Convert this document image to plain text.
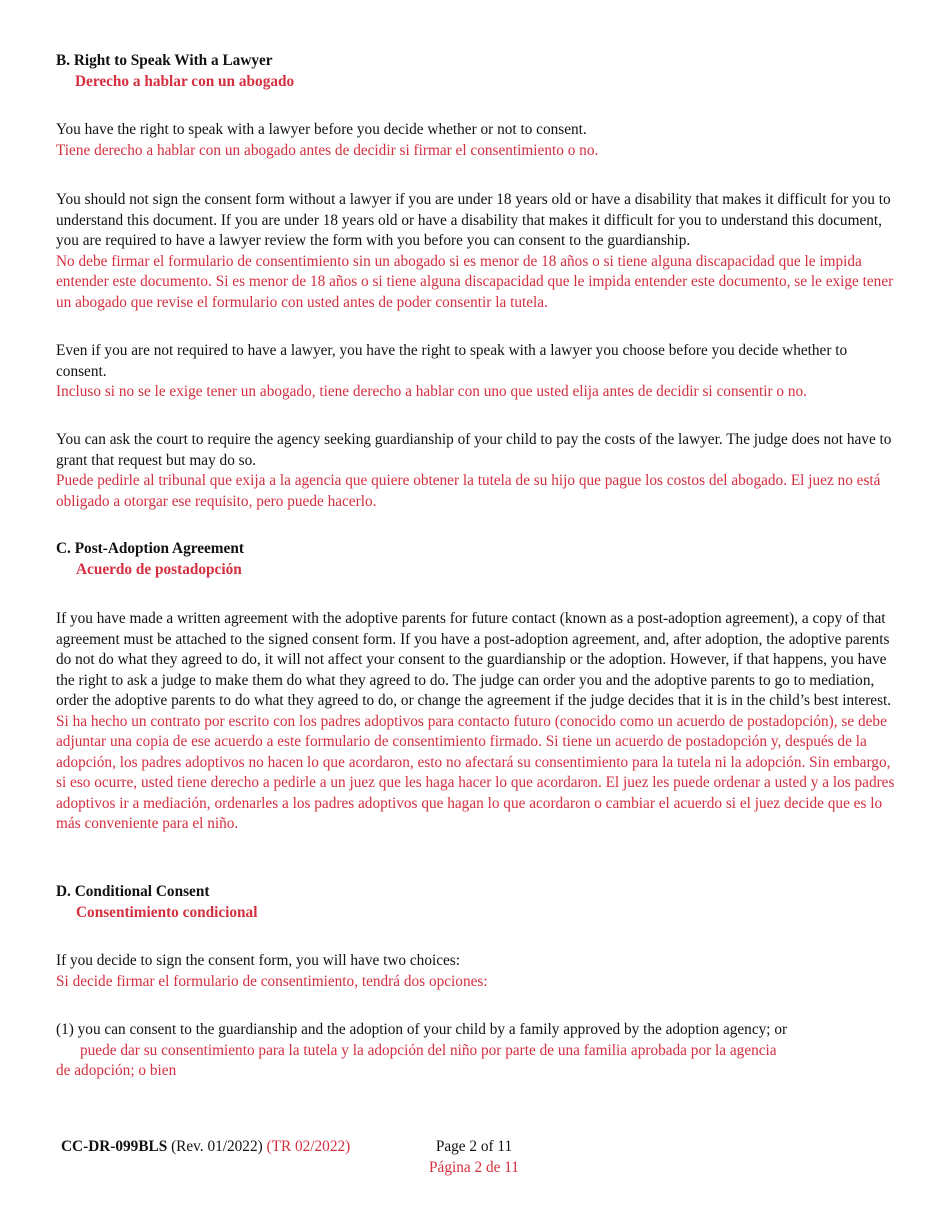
B. Right to Speak With a Lawyer

Derecho a hablar con un abogado

You have the right to speak with a lawyer before you decide whether or not to consent.

Tiene derecho a hablar con un abogado antes de decidir si firmar el consentimiento o no.

You should not sign the consent form without a lawyer if you are under 18 years old or have a disability that makes it difficult for you to understand this document. If you are under 18 years old or have a disability that makes it difficult for you to understand this document, you are required to have a lawyer review the form with you before you can consent to the guardianship.

No debe firmar el formulario de consentimiento sin un abogado si es menor de 18 años o si tiene alguna discapacidad que le impida entender este documento. Si es menor de 18 años o si tiene alguna discapacidad que le impida entender este documento, se le exige tener un abogado que revise el formulario con usted antes de poder consentir la tutela.

Even if you are not required to have a lawyer, you have the right to speak with a lawyer you choose before you decide whether to consent.

Incluso si no se le exige tener un abogado, tiene derecho a hablar con uno que usted elija antes de decidir si consentir o no.

You can ask the court to require the agency seeking guardianship of your child to pay the costs of the lawyer. The judge does not have to grant that request but may do so.

Puede pedirle al tribunal que exija a la agencia que quiere obtener la tutela de su hijo que pague los costos del abogado. El juez no está obligado a otorgar ese requisito, pero puede hacerlo.

C. Post-Adoption Agreement

Acuerdo de postadopción

If you have made a written agreement with the adoptive parents for future contact (known as a post-adoption agreement), a copy of that agreement must be attached to the signed consent form. If you have a post-adoption agreement, and, after adoption, the adoptive parents do not do what they agreed to do, it will not affect your consent to the guardianship or the adoption. However, if that happens, you have the right to ask a judge to make them do what they agreed to do. The judge can order you and the adoptive parents to go to mediation, order the adoptive parents to do what they agreed to do, or change the agreement if the judge decides that it is in the child’s best interest.

Si ha hecho un contrato por escrito con los padres adoptivos para contacto futuro (conocido como un acuerdo de postadopción), se debe adjuntar una copia de ese acuerdo a este formulario de consentimiento firmado. Si tiene un acuerdo de postadopción y, después de la adopción, los padres adoptivos no hacen lo que acordaron, esto no afectará su consentimiento para la tutela ni la adopción. Sin embargo, si eso ocurre, usted tiene derecho a pedirle a un juez que les haga hacer lo que acordaron. El juez les puede ordenar a usted y a los padres adoptivos ir a mediación, ordenarles a los padres adoptivos que hagan lo que acordaron o cambiar el acuerdo si el juez decide que es lo más conveniente para el niño.

D. Conditional Consent

Consentimiento condicional

If you decide to sign the consent form, you will have two choices:

Si decide firmar el formulario de consentimiento, tendrá dos opciones:

(1) you can consent to the guardianship and the adoption of your child by a family approved by the adoption agency; or

puede dar su consentimiento para la tutela y la adopción del niño por parte de una familia aprobada por la agencia

de adopción; o bien

CC-DR-099BLS (Rev. 01/2022) (TR 02/2022)	Page 2 of 11

Página 2 de 11
